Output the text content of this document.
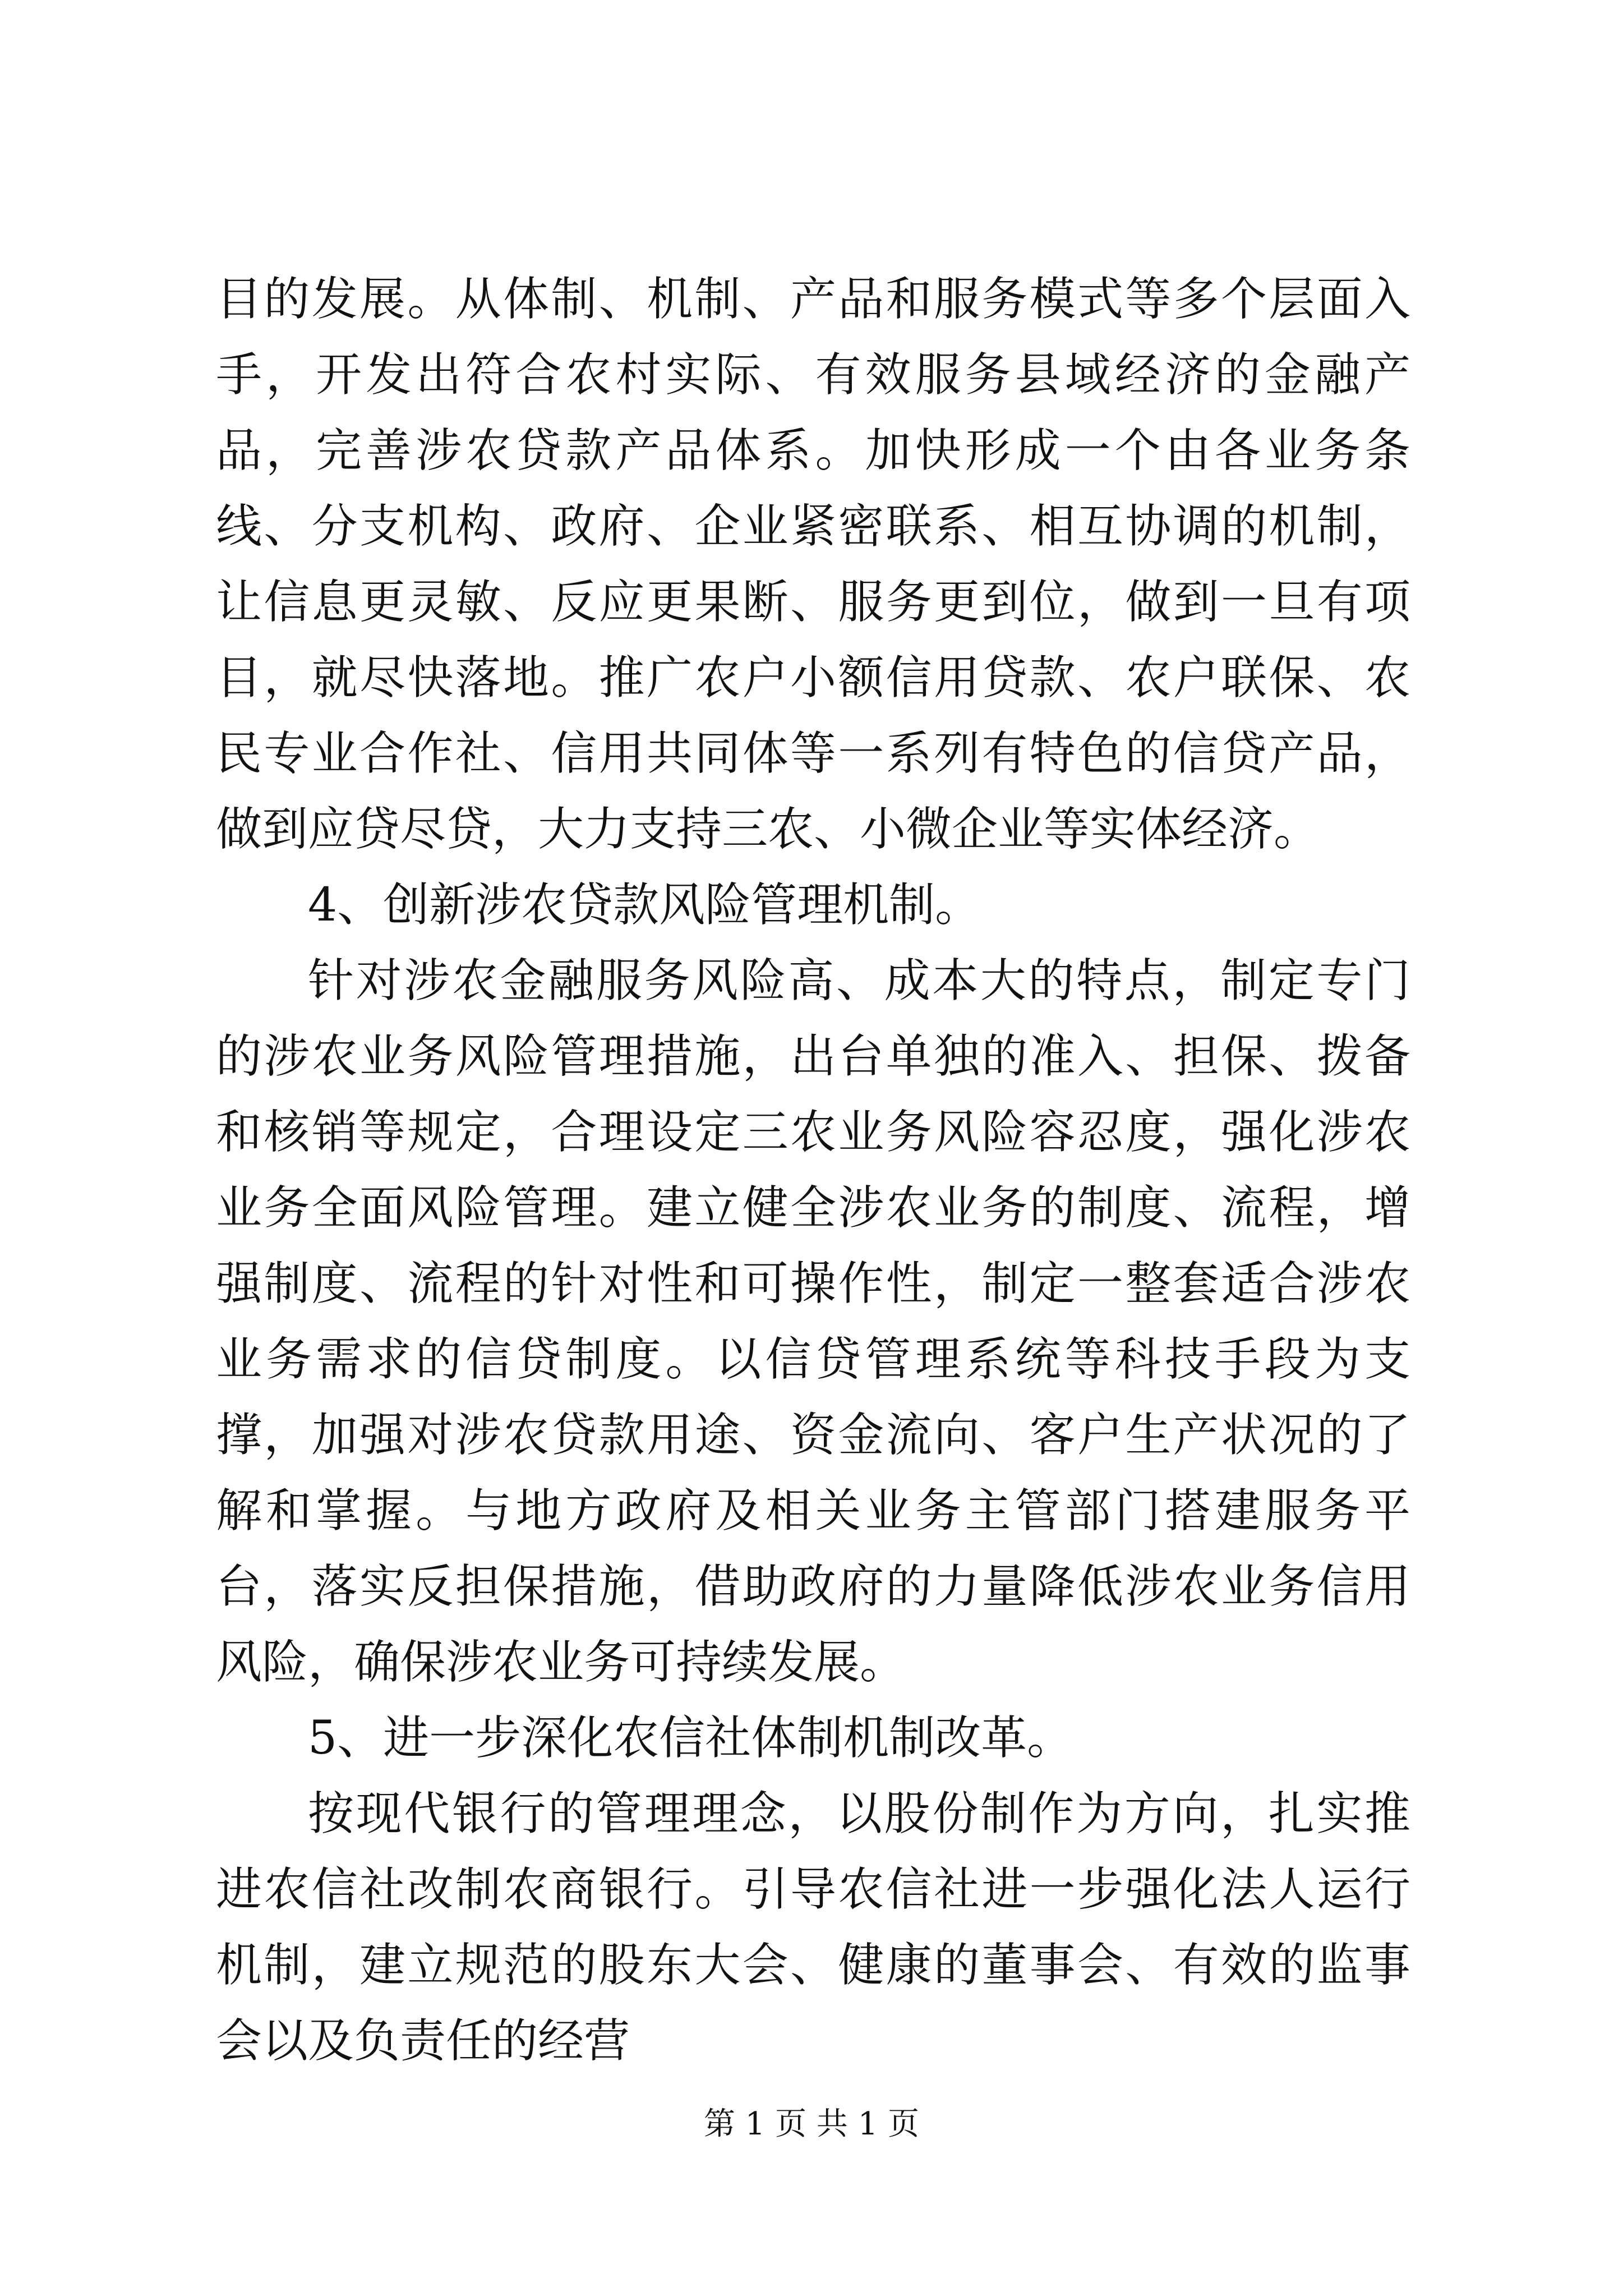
目的发展。从体制、机制、产品和服务模式等多个层面入手，开发出符合农村实际、有效服务县域经济的金融产品，完善涉农贷款产品体系。加快形成一个由各业务条线、分支机构、政府、企业紧密联系、相互协调的机制，让信息更灵敏、反应更果断、服务更到位，做到一旦有项目，就尽快落地。推广农户小额信用贷款、农户联保、农民专业合作社、信用共同体等一系列有特色的信贷产品，做到应贷尽贷，大力支持三农、小微企业等实体经济。

4、创新涉农贷款风险管理机制。

针对涉农金融服务风险高、成本大的特点，制定专门的涉农业务风险管理措施，出台单独的准入、担保、拨备和核销等规定，合理设定三农业务风险容忍度，强化涉农业务全面风险管理。建立健全涉农业务的制度、流程，增强制度、流程的针对性和可操作性，制定一整套适合涉农业务需求的信贷制度。以信贷管理系统等科技手段为支撑，加强对涉农贷款用途、资金流向、客户生产状况的了解和掌握。与地方政府及相关业务主管部门搭建服务平台，落实反担保措施，借助政府的力量降低涉农业务信用风险，确保涉农业务可持续发展。

5、进一步深化农信社体制机制改革。

按现代银行的管理理念，以股份制作为方向，扎实推进农信社改制农商银行。引导农信社进一步强化法人运行机制，建立规范的股东大会、健康的董事会、有效的监事会以及负责任的经营

第 1 页 共 1 页
